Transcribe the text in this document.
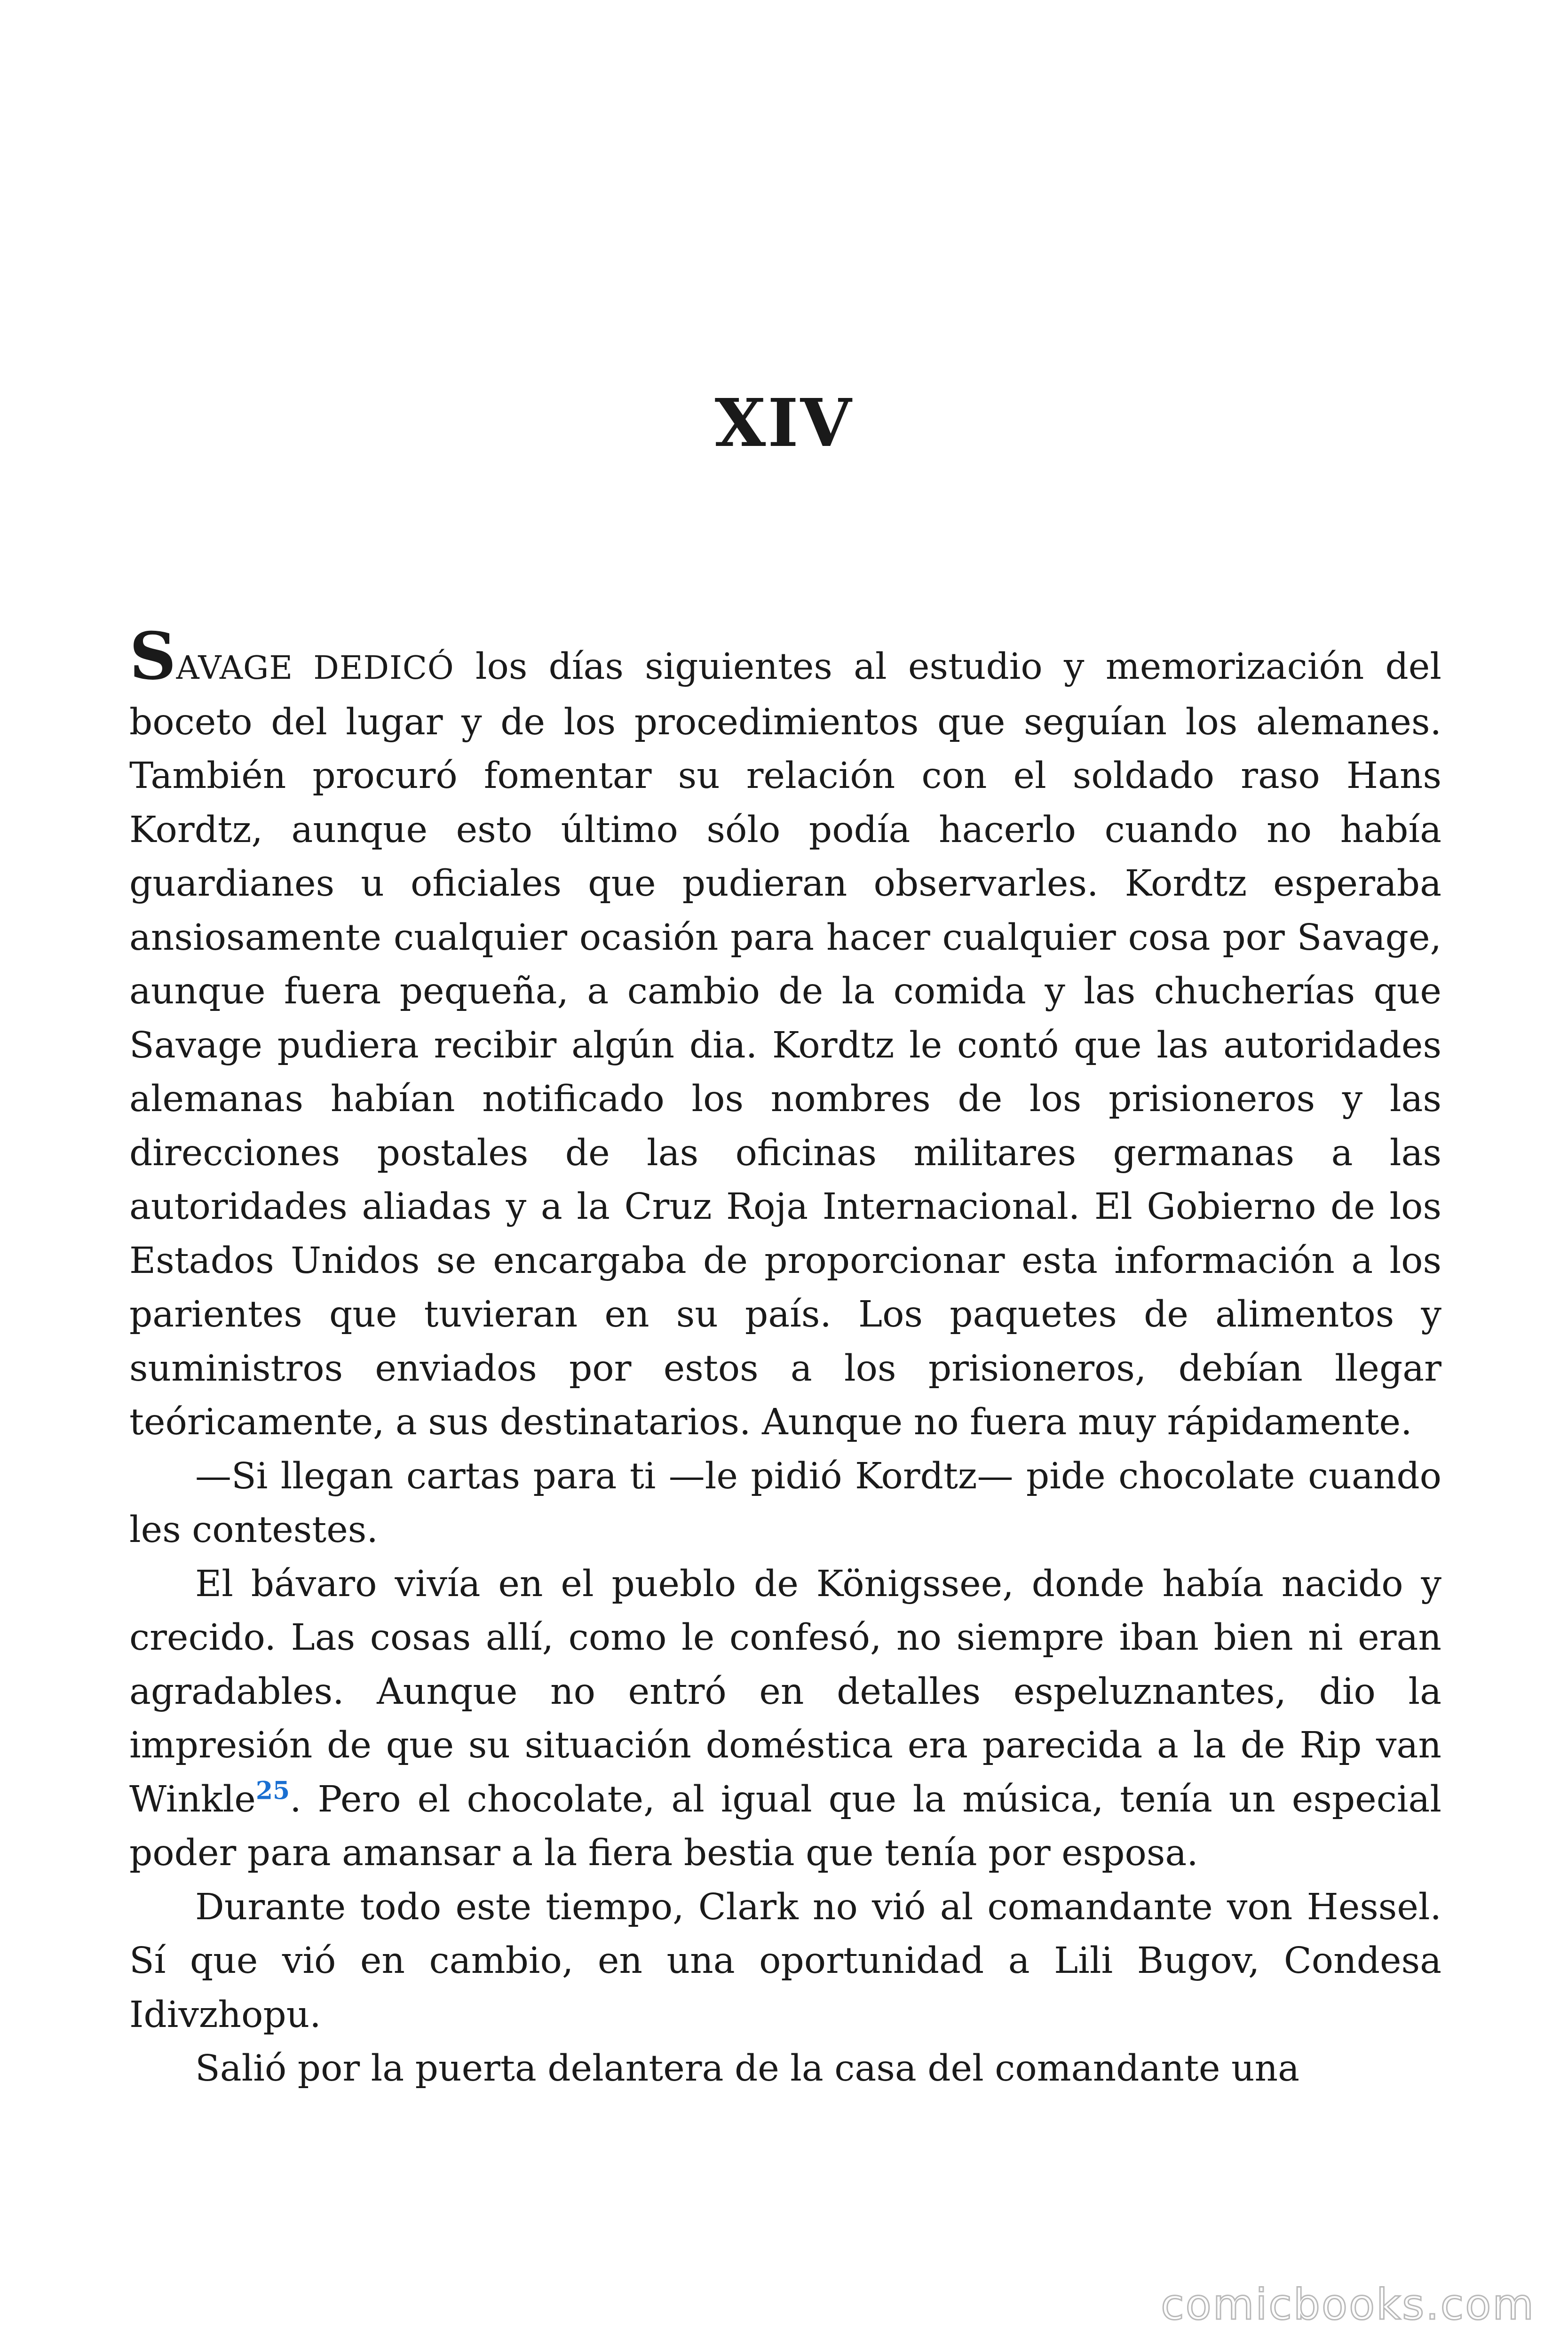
XIV

SAVAGE DEDICÓ los días siguientes al estudio y memorización del boceto del lugar y de los procedimientos que seguían los alemanes. También procuró fomentar su relación con el soldado raso Hans Kordtz, aunque esto último sólo podía hacerlo cuando no había guardianes u oficiales que pudieran observarles. Kordtz esperaba ansiosamente cualquier ocasión para hacer cualquier cosa por Savage, aunque fuera pequeña, a cambio de la comida y las chucherías que Savage pudiera recibir algún dia. Kordtz le contó que las autoridades alemanas habían notificado los nombres de los prisioneros y las direcciones postales de las oficinas militares germanas a las autoridades aliadas y a la Cruz Roja Internacional. El Gobierno de los Estados Unidos se encargaba de proporcionar esta información a los parientes que tuvieran en su país. Los paquetes de alimentos y suministros enviados por estos a los prisioneros, debían llegar teóricamente, a sus destinatarios. Aunque no fuera muy rápidamente.

—Si llegan cartas para ti —le pidió Kordtz— pide chocolate cuando les contestes.

El bávaro vivía en el pueblo de Königssee, donde había nacido y crecido. Las cosas allí, como le confesó, no siempre iban bien ni eran agradables. Aunque no entró en detalles espeluznantes, dio la impresión de que su situación doméstica era parecida a la de Rip van Winkle$^{25}$. Pero el chocolate, al igual que la música, tenía un especial poder para amansar a la fiera bestia que tenía por esposa.

Durante todo este tiempo, Clark no vió al comandante von Hessel. Sí que vió en cambio, en una oportunidad a Lili Bugov, Condesa Idivzhopu.

Salió por la puerta delantera de la casa del comandante una

comicbooks.com
